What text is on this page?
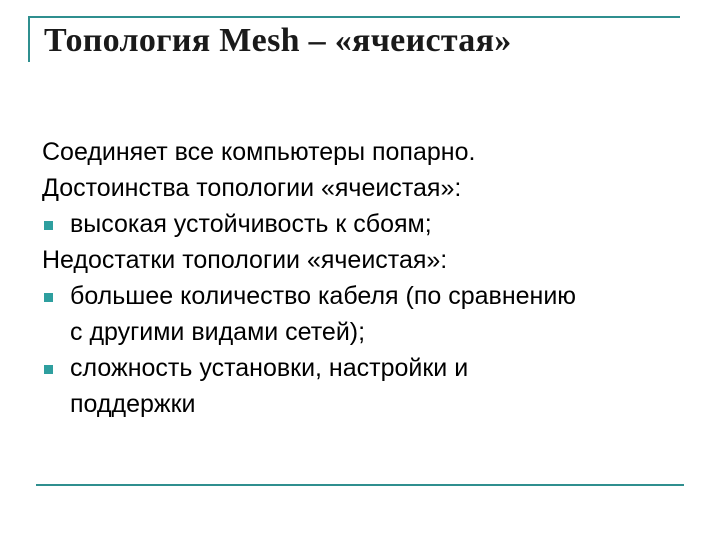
Топология Mesh – «ячеистая»
Соединяет все компьютеры попарно.
Достоинства топологии «ячеистая»:
высокая устойчивость к сбоям;
Недостатки топологии «ячеистая»:
большее количество кабеля (по сравнению
с другими видами сетей);
сложность установки, настройки и
поддержки
